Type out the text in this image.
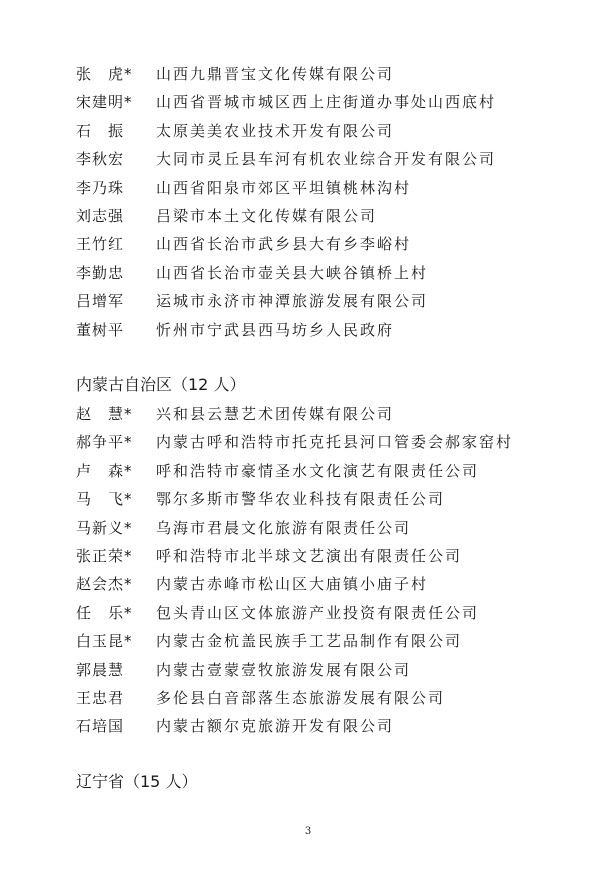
张　虎*	山西九鼎晋宝文化传媒有限公司
宋建明*	山西省晋城市城区西上庄街道办事处山西底村
石　振	太原美美农业技术开发有限公司
李秋宏	大同市灵丘县车河有机农业综合开发有限公司
李乃珠	山西省阳泉市郊区平坦镇桃林沟村
刘志强	吕梁市本土文化传媒有限公司
王竹红	山西省长治市武乡县大有乡李峪村
李勤忠	山西省长治市壶关县大峡谷镇桥上村
吕增军	运城市永济市神潭旅游发展有限公司
董树平	忻州市宁武县西马坊乡人民政府
内蒙古自治区（12 人）
赵　慧*	兴和县云慧艺术团传媒有限公司
郝争平*	内蒙古呼和浩特市托克托县河口管委会郝家窑村
卢　森*	呼和浩特市豪情圣水文化演艺有限责任公司
马　飞*	鄂尔多斯市警华农业科技有限责任公司
马新义*	乌海市君晨文化旅游有限责任公司
张正荣*	呼和浩特市北半球文艺演出有限责任公司
赵会杰*	内蒙古赤峰市松山区大庙镇小庙子村
任　乐*	包头青山区文体旅游产业投资有限责任公司
白玉昆*	内蒙古金杭盖民族手工艺品制作有限公司
郭晨慧	内蒙古壹蒙壹牧旅游发展有限公司
王忠君	多伦县白音部落生态旅游发展有限公司
石培国	内蒙古额尔克旅游开发有限公司
辽宁省（15 人）
3
